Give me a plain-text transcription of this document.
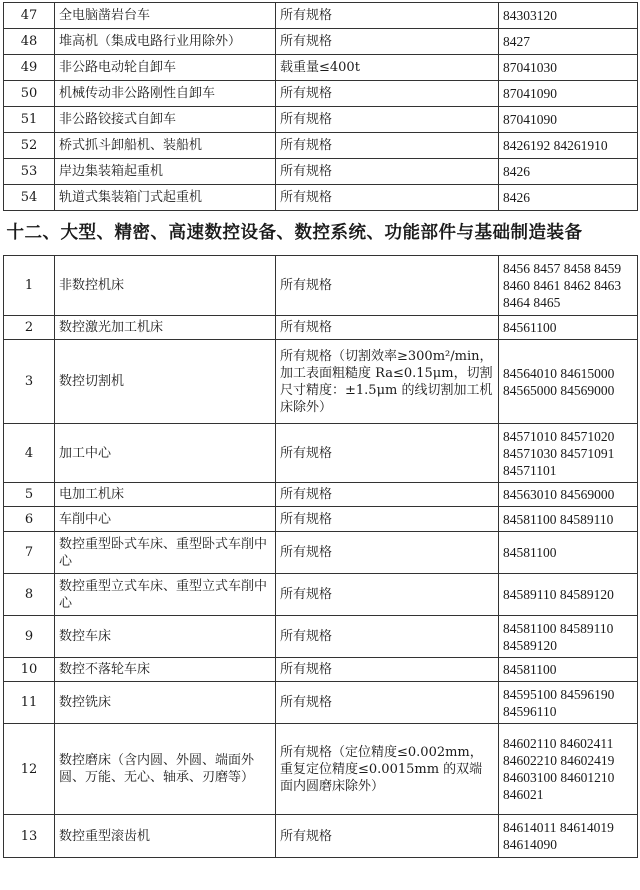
47	全电脑凿岩台车	所有规格	84303120
48	堆高机（集成电路行业用除外）	所有规格	8427
49	非公路电动轮自卸车	载重量≤400t	87041030
50	机械传动非公路刚性自卸车	所有规格	87041090
51	非公路铰接式自卸车	所有规格	87041090
52	桥式抓斗卸船机、装船机	所有规格	8426192 84261910
53	岸边集装箱起重机	所有规格	8426
54	轨道式集装箱门式起重机	所有规格	8426
十二、大型、精密、高速数控设备、数控系统、功能部件与基础制造装备			
1	非数控机床	所有规格	8456 8457 8458 8459 8460 8461 8462 8463 8464 8465
2	数控激光加工机床	所有规格	84561100
3	数控切割机	所有规格（切割效率≥300m²/min，加工表面粗糙度 Ra≤0.15μm，切割尺寸精度：±1.5μm 的线切割加工机床除外）	84564010 84615000 84565000 84569000
4	加工中心	所有规格	84571010 84571020 84571030 84571091 84571101
5	电加工机床	所有规格	84563010 84569000
6	车削中心	所有规格	84581100 84589110
7	数控重型卧式车床、重型卧式车削中心	所有规格	84581100
8	数控重型立式车床、重型立式车削中心	所有规格	84589110 84589120
9	数控车床	所有规格	84581100 84589110 84589120
10	数控不落轮车床	所有规格	84581100
11	数控铣床	所有规格	84595100 84596190 84596110
12	数控磨床（含内圆、外圆、端面外圆、万能、无心、轴承、刃磨等）	所有规格（定位精度≤0.002mm，重复定位精度≤0.0015mm 的双端面内圆磨床除外）	84602110 84602411 84602210 84602419 84603100 84601210 846021
13	数控重型滚齿机	所有规格	84614011 84614019 84614090
